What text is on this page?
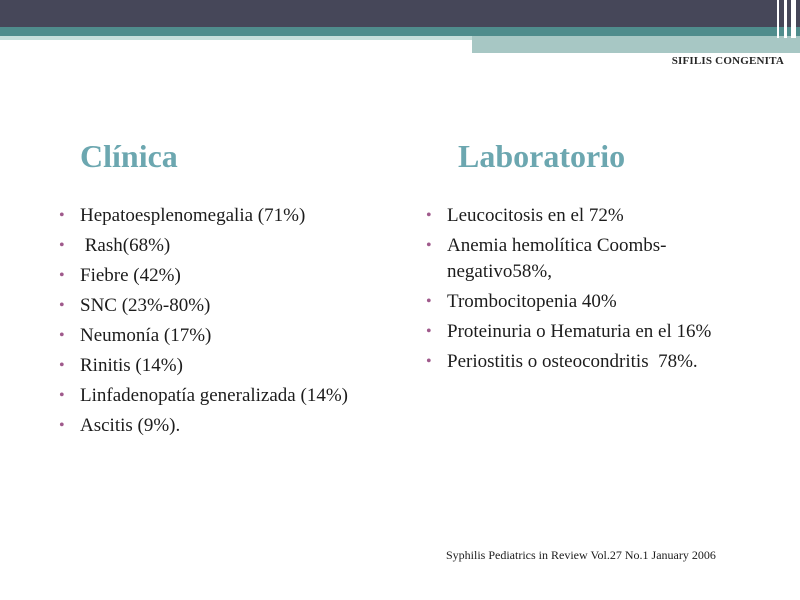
SIFILIS CONGENITA
Clínica	Laboratorio
• Hepatoesplenomegalia (71%)
• Rash(68%)
• Fiebre (42%)
• SNC (23%-80%)
• Neumonía (17%)
• Rinitis (14%)
• Linfadenopatía generalizada (14%)
• Ascitis (9%).
• Leucocitosis en el 72%
• Anemia hemolítica Coombs-negativo58%,
• Trombocitopenia 40%
• Proteinuria o Hematuria en el 16%
• Periostitis o osteocondritis  78%.
Syphilis Pediatrics in Review Vol.27 No.1 January 2006
